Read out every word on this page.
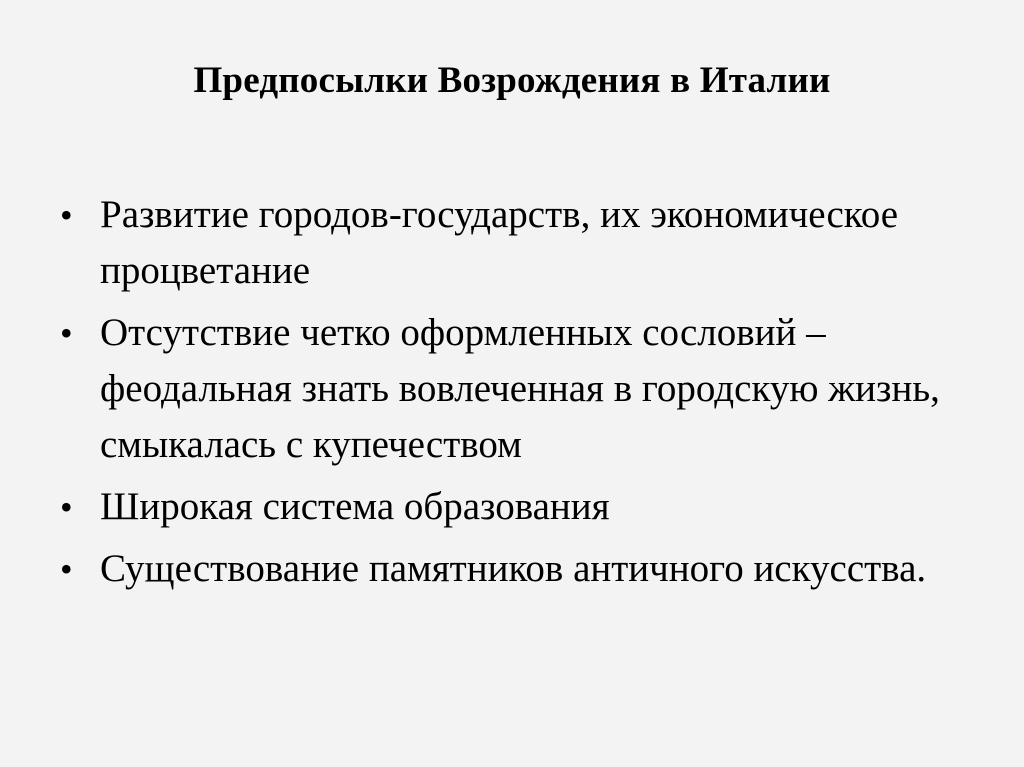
Предпосылки Возрождения в Италии
• Развитие городов-государств, их экономическое процветание
• Отсутствие четко оформленных сословий – феодальная знать вовлеченная в городскую жизнь, смыкалась с купечеством
• Широкая система образования
• Существование памятников античного искусства.
